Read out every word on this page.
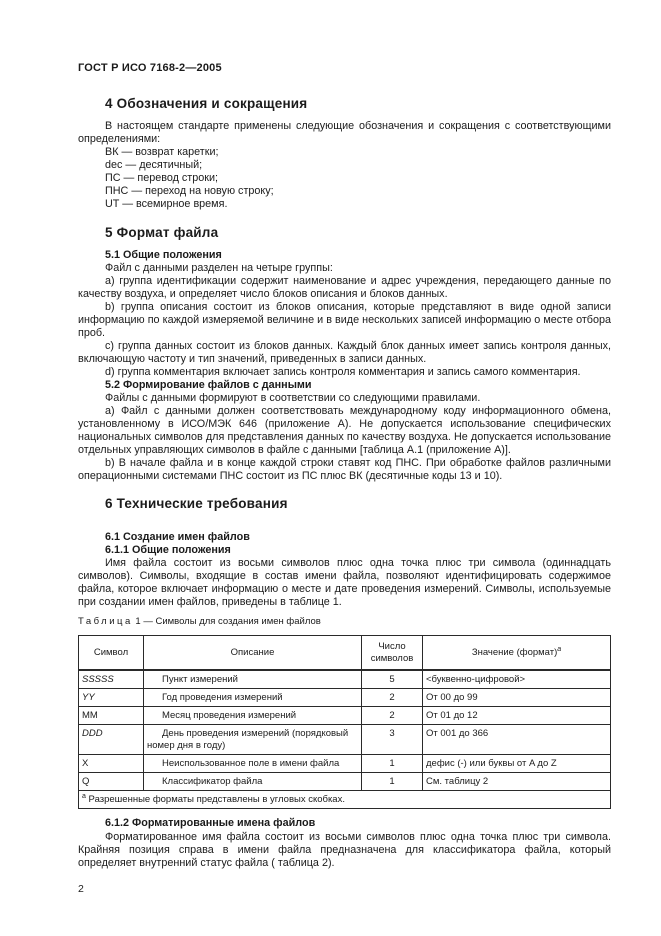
ГОСТ Р ИСО 7168-2—2005
4 Обозначения и сокращения

В настоящем стандарте применены следующие обозначения и сокращения с соответствующими определениями:

ВК — возврат каретки;
dec — десятичный;
ПС — перевод строки;
ПНС — переход на новую строку;
UT — всемирное время.
5 Формат файла
5.1 Общие положения

Файл с данными разделен на четыре группы:

a) группа идентификации содержит наименование и адрес учреждения, передающего данные по качеству воздуха, и определяет число блоков описания и блоков данных.

b) группа описания состоит из блоков описания, которые представляют в виде одной записи информацию по каждой измеряемой величине и в виде нескольких записей информацию о месте отбора проб.

c) группа данных состоит из блоков данных. Каждый блок данных имеет запись контроля данных, включающую частоту и тип значений, приведенных в записи данных.

d) группа комментария включает запись контроля комментария и запись самого комментария.

5.2 Формирование файлов с данными

Файлы с данными формируют в соответствии со следующими правилами.

a) Файл с данными должен соответствовать международному коду информационного обмена, установленному в ИСО/МЭК 646 (приложение А). Не допускается использование специфических национальных символов для представления данных по качеству воздуха. Не допускается использование отдельных управляющих символов в файле с данными [таблица А.1 (приложение А)].

b) В начале файла и в конце каждой строки ставят код ПНС. При обработке файлов различными операционными системами ПНС состоит из ПС плюс ВК (десятичные коды 13 и 10).

6 Технические требования
6.1 Создание имен файлов
6.1.1 Общие положения

Имя файла состоит из восьми символов плюс одна точка плюс три символа (одиннадцать символов). Символы, входящие в состав имени файла, позволяют идентифицировать содержимое файла, которое включает информацию о месте и дате проведения измерений. Символы, используемые при создании имен файлов, приведены в таблице 1.

Таблица 1 — Символы для создания имен файлов
Символ	Описание	Число символов	Значение (формат)$^а$
SSSSS	Пункт измерений	5	<буквенно-цифровой>
YY	Год проведения измерений	2	От 00 до 99
MM	Месяц проведения измерений	2	От 01 до 12
DDD	День проведения измерений (порядковый номер дня в году)	3	От 001 до 366
X	Неиспользованное поле в имени файла	1	дефис (-) или буквы от A до Z
Q	Классификатор файла	1	См. таблицу 2
$^а$ Разрешенные форматы представлены в угловых скобках.			
6.1.2 Форматированные имена файлов

Форматированное имя файла состоит из восьми символов плюс одна точка плюс три символа. Крайняя позиция справа в имени файла предназначена для классификатора файла, который определяет внутренний статус файла ( таблица 2).

2
